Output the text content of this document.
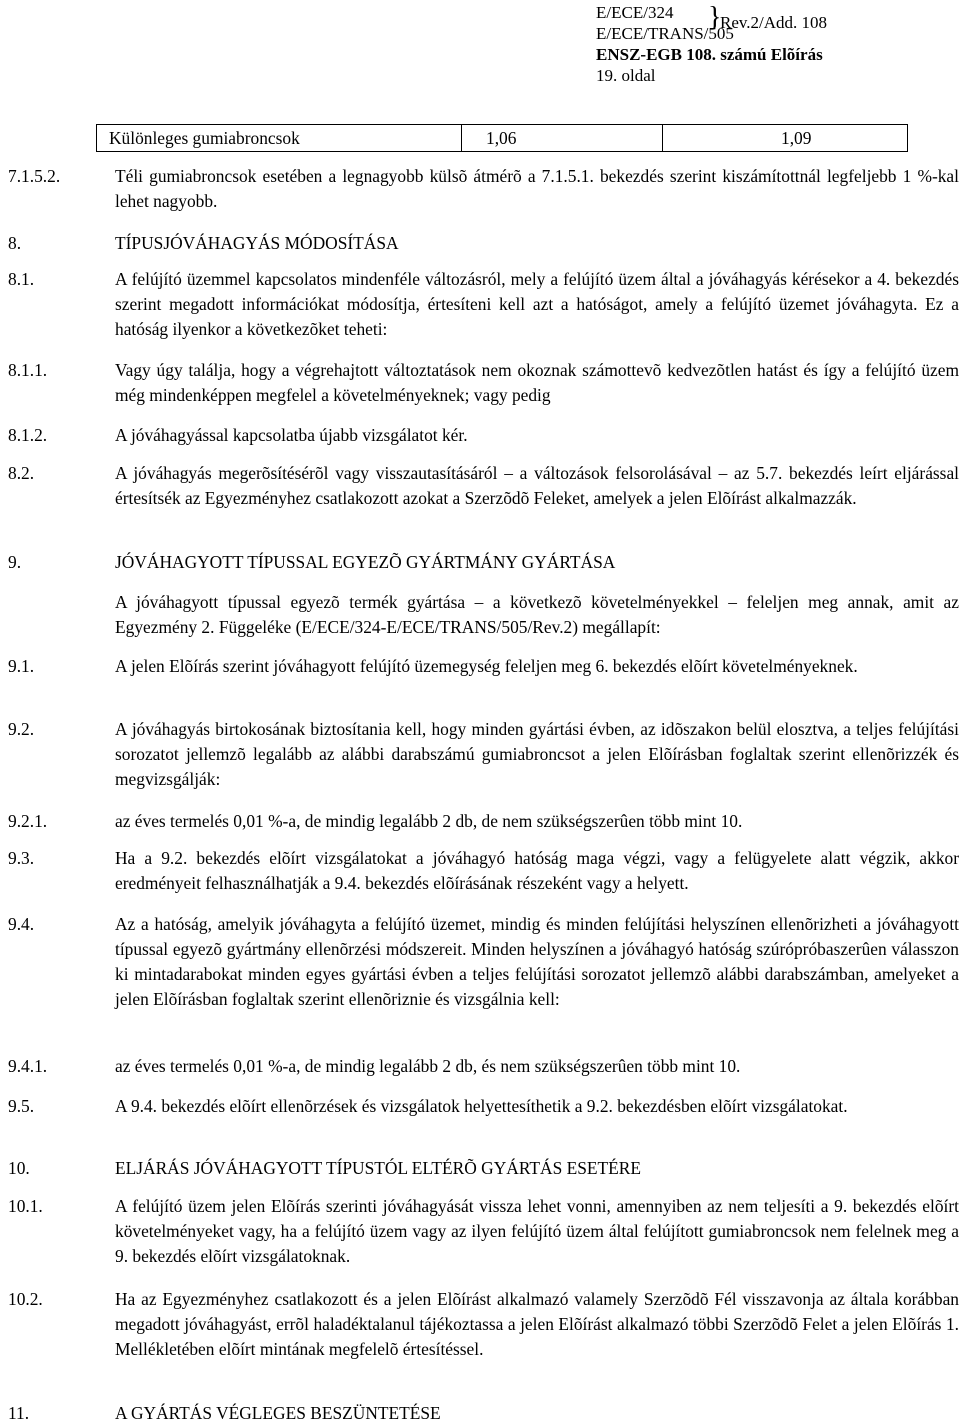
E/ECE/324
E/ECE/TRANS/505
}
Rev.2/Add. 108
ENSZ-EGB 108. számú Elõírás
19. oldal
Különleges gumiabroncsok	1,06	1,09
7.1.5.2.	Téli gumiabroncsok esetében a legnagyobb külsõ átmérõ a 7.1.5.1. bekezdés szerint kiszámítottnál legfeljebb 1 %-kal lehet nagyobb.
8.	TÍPUSJÓVÁHAGYÁS MÓDOSÍTÁSA
8.1.	A felújító üzemmel kapcsolatos mindenféle változásról, mely a felújító üzem által a jóváhagyás kérésekor a 4. bekezdés szerint megadott információkat módosítja, értesíteni kell azt a hatóságot, amely a felújító üzemet jóváhagyta. Ez a hatóság ilyenkor a következõket teheti:
8.1.1.	Vagy úgy találja, hogy a végrehajtott változtatások nem okoznak számottevõ kedvezõtlen hatást és így a felújító üzem még mindenképpen megfelel a követelményeknek; vagy pedig
8.1.2.	A jóváhagyással kapcsolatba újabb vizsgálatot kér.
8.2.	A jóváhagyás megerõsítésérõl vagy visszautasításáról – a változások felsorolásával – az 5.7. bekezdés leírt eljárással értesítsék az Egyezményhez csatlakozott azokat a Szerzõdõ Feleket, amelyek a jelen Elõírást alkalmazzák.
9.	JÓVÁHAGYOTT TÍPUSSAL EGYEZÕ GYÁRTMÁNY GYÁRTÁSA
A jóváhagyott típussal egyezõ termék gyártása – a következõ követelményekkel – feleljen meg annak, amit az Egyezmény 2. Függeléke (E/ECE/324-E/ECE/TRANS/505/Rev.2) megállapít:
9.1.	A jelen Elõírás szerint jóváhagyott felújító üzemegység feleljen meg 6. bekezdés elõírt követelményeknek.
9.2.	A jóváhagyás birtokosának biztosítania kell, hogy minden gyártási évben, az idõszakon belül elosztva, a teljes felújítási sorozatot jellemzõ legalább az alábbi darabszámú gumiabroncsot a jelen Elõírásban foglaltak szerint ellenõrizzék és megvizsgálják:
9.2.1.	az éves termelés 0,01 %-a, de mindig legalább 2 db, de nem szükségszerûen több mint 10.
9.3.	Ha a 9.2. bekezdés elõírt vizsgálatokat a jóváhagyó hatóság maga végzi, vagy a felügyelete alatt végzik, akkor eredményeit felhasználhatják a 9.4. bekezdés elõírásának részeként vagy a helyett.
9.4.	Az a hatóság, amelyik jóváhagyta a felújító üzemet, mindig és minden felújítási helyszínen ellenõrizheti a jóváhagyott típussal egyezõ gyártmány ellenõrzési módszereit. Minden helyszínen a jóváhagyó hatóság szúrópróbaszerûen válasszon ki mintadarabokat minden egyes gyártási évben a teljes felújítási sorozatot jellemzõ alábbi darabszámban, amelyeket a jelen Elõírásban foglaltak szerint ellenõriznie és vizsgálnia kell:
9.4.1.	az éves termelés 0,01 %-a, de mindig legalább 2 db, és nem szükségszerûen több mint 10.
9.5.	A 9.4. bekezdés elõírt ellenõrzések és vizsgálatok helyettesíthetik a 9.2. bekezdésben elõírt vizsgálatokat.
10.	ELJÁRÁS JÓVÁHAGYOTT TÍPUSTÓL ELTÉRÕ GYÁRTÁS ESETÉRE
10.1.	A felújító üzem jelen Elõírás szerinti jóváhagyását vissza lehet vonni, amennyiben az nem teljesíti a 9. bekezdés elõírt követelményeket vagy, ha a felújító üzem vagy az ilyen felújító üzem által felújított gumiabroncsok nem felelnek meg a 9. bekezdés elõírt vizsgálatoknak.
10.2.	Ha az Egyezményhez csatlakozott és a jelen Elõírást alkalmazó valamely Szerzõdõ Fél visszavonja az általa korábban megadott jóváhagyást, errõl haladéktalanul tájékoztassa a jelen Elõírást alkalmazó többi Szerzõdõ Felet a jelen Elõírás 1. Mellékletében elõírt mintának megfelelõ értesítéssel.
11.	A GYÁRTÁS VÉGLEGES BESZÜNTETÉSE
